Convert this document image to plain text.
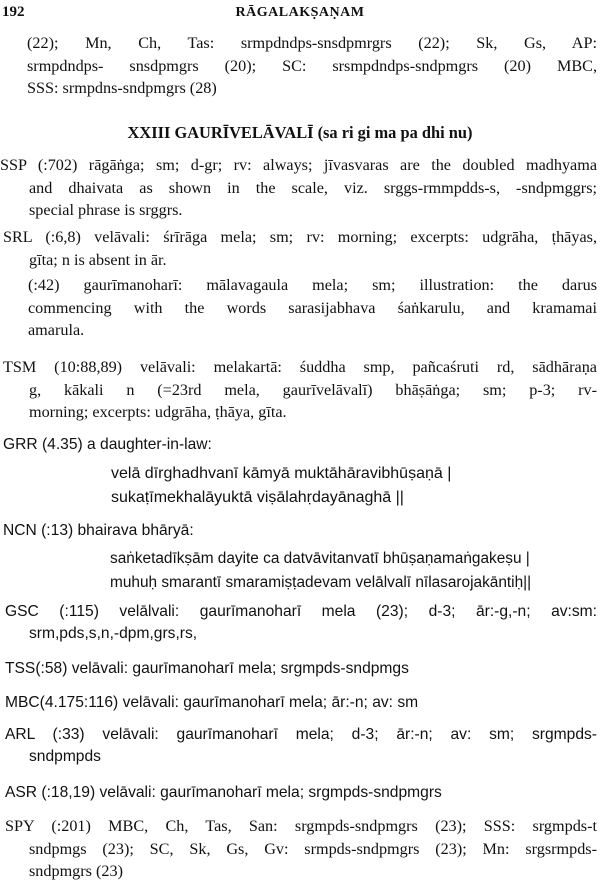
192	RĀGALAKṢAṆAM
(22); Mn, Ch, Tas: srmpdndps-snsdpmrgrs (22); Sk, Gs, AP:
srmpdndps- snsdpmgrs (20); SC: srsmpdndps-sndpmgrs (20) MBC,
SSS: srmpdns-sndpmgrs (28)
XXIII GAURĪVELĀVALĪ (sa ri gi ma pa dhi nu)
SSP (:702) rāgāṅga; sm; d-gr; rv: always; jīvasvaras are the doubled madhyama
and dhaivata as shown in the scale, viz. srggs-rmmpdds-s, -sndpmggrs;
special phrase is srggrs.
SRL (:6,8) velāvali: śrīrāga mela; sm; rv: morning; excerpts: udgrāha, ṭhāyas,
gīta; n is absent in ār.
(:42) gaurīmanoharī: mālavagaula mela; sm; illustration: the darus
commencing with the words sarasijabhava śaṅkarulu, and kramamai
amarula.
TSM (10:88,89) velāvali: melakartā: śuddha smp, pañcaśruti rd, sādhāraṇa
g, kākali n (=23rd mela, gaurīvelāvalī) bhāṣāṅga; sm; p-3; rv-
morning; excerpts: udgrāha, ṭhāya, gīta.
GRR (4.35) a daughter-in-law:
velā dīrghadhvanī kāmyā muktāhāravibhūṣaṇā |
sukaṭīmekhalāyuktā viṣālahṛdayānaghā ||
NCN (:13) bhairava bhāryā:
saṅketadīkṣām dayite ca datvāvitanvatī bhūṣaṇamaṅgakeṣu |
muhuḥ smarantī smaramiṣṭadevam velālvalī nīlasarojakāntiḥ||
GSC (:115) velālvali: gaurīmanoharī mela (23); d-3; ār:-g,-n; av:sm:
srm,pds,s,n,-dpm,grs,rs,
TSS(:58) velāvali: gaurīmanoharī mela; srgmpds-sndpmgs
MBC(4.175:116) velāvali: gaurīmanoharī mela; ār:-n; av: sm
ARL (:33) velāvali: gaurīmanoharī mela; d-3; ār:-n; av: sm; srgmpds-
sndpmpds
ASR (:18,19) velāvali: gaurīmanoharī mela; srgmpds-sndpmgrs
SPY (:201) MBC, Ch, Tas, San: srgmpds-sndpmgrs (23); SSS: srgmpds-t
sndpmgs (23); SC, Sk, Gs, Gv: srmpds-sndpmgrs (23); Mn: srgsrmpds-
sndpmgrs (23)
